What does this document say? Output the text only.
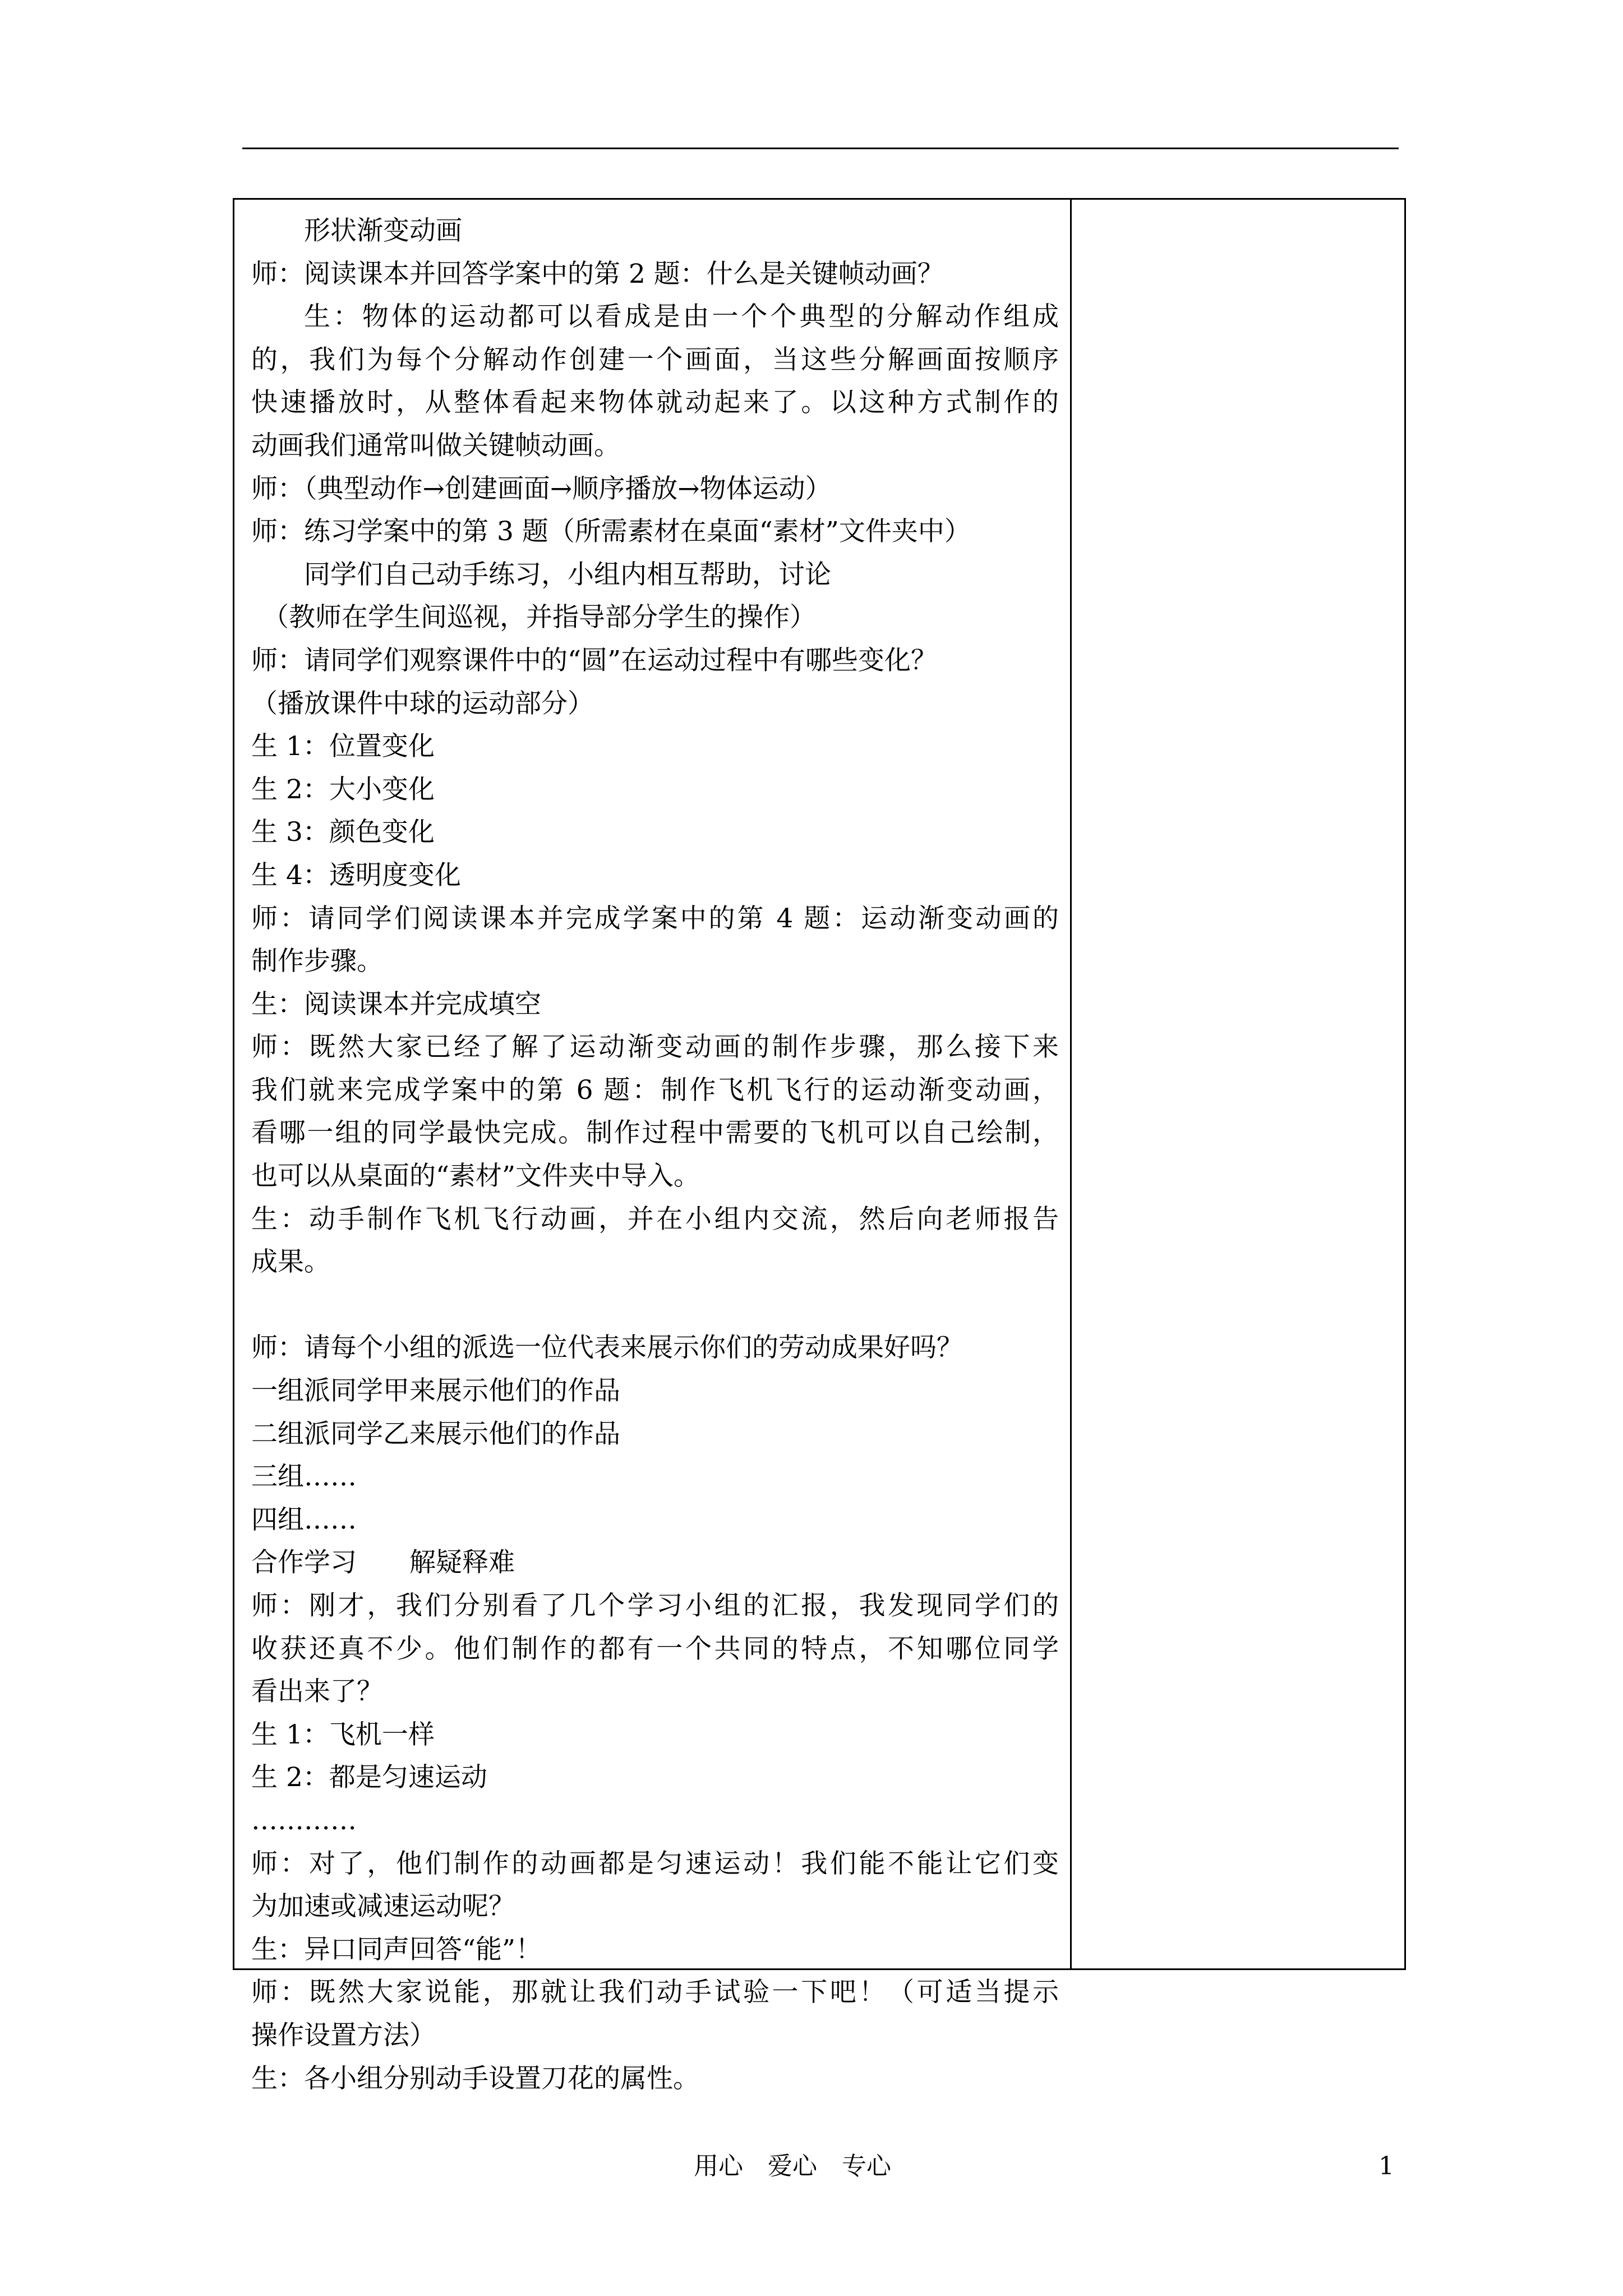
形状渐变动画
师：阅读课本并回答学案中的第 2 题：什么是关键帧动画？
生：物体的运动都可以看成是由一个个典型的分解动作组成
的，我们为每个分解动作创建一个画面，当这些分解画面按顺序
快速播放时，从整体看起来物体就动起来了。以这种方式制作的
动画我们通常叫做关键帧动画。
师：（典型动作→创建画面→顺序播放→物体运动）
师：练习学案中的第 3 题（所需素材在桌面“素材”文件夹中）
同学们自己动手练习，小组内相互帮助，讨论
（教师在学生间巡视，并指导部分学生的操作）
师：请同学们观察课件中的“圆”在运动过程中有哪些变化？
（播放课件中球的运动部分）
生 1：位置变化
生 2：大小变化
生 3：颜色变化
生 4：透明度变化
师：请同学们阅读课本并完成学案中的第 4 题：运动渐变动画的
制作步骤。
生：阅读课本并完成填空
师：既然大家已经了解了运动渐变动画的制作步骤，那么接下来
我们就来完成学案中的第 6 题：制作飞机飞行的运动渐变动画，
看哪一组的同学最快完成。制作过程中需要的飞机可以自己绘制，
也可以从桌面的“素材”文件夹中导入。
生：动手制作飞机飞行动画，并在小组内交流，然后向老师报告
成果。
师：请每个小组的派选一位代表来展示你们的劳动成果好吗？
一组派同学甲来展示他们的作品
二组派同学乙来展示他们的作品
三组……
四组……
合作学习　　解疑释难
师：刚才，我们分别看了几个学习小组的汇报，我发现同学们的
收获还真不少。他们制作的都有一个共同的特点，不知哪位同学
看出来了？
生 1：飞机一样
生 2：都是匀速运动
…………
师：对了，他们制作的动画都是匀速运动！我们能不能让它们变
为加速或减速运动呢？
生：异口同声回答“能”！
师：既然大家说能，那就让我们动手试验一下吧！（可适当提示
操作设置方法）
生：各小组分别动手设置刀花的属性。
用心　爱心　专心	1
